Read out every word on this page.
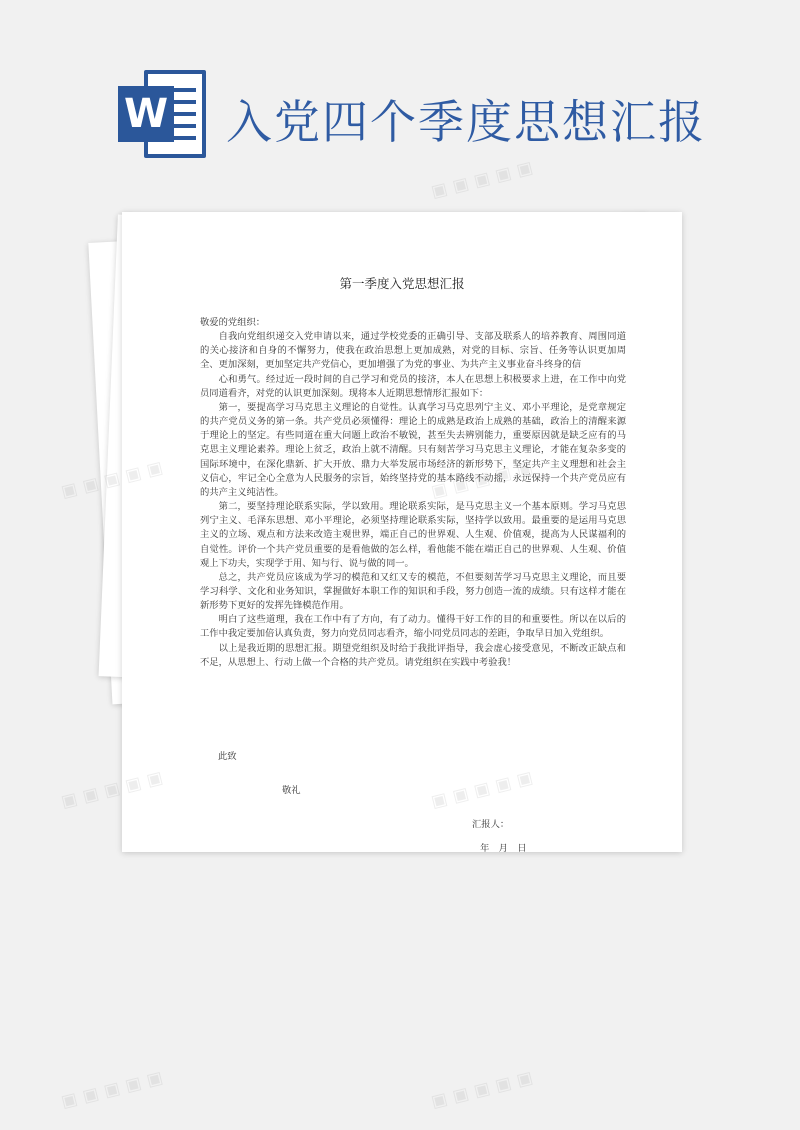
W 入党四个季度思想汇报
第一季度入党思想汇报

敬爱的党组织：

自我向党组织递交入党申请以来，通过学校党委的正确引导、支部及联系人的培养教育、周围同道的关心接济和自身的不懈努力，使我在政治思想上更加成熟，对党的目标、宗旨、任务等认识更加周全、更加深刻，更加坚定共产党信心，更加增强了为党的事业、为共产主义事业奋斗终身的信

心和勇气。经过近一段时间的自己学习和党员的接济，本人在思想上积极要求上进，在工作中向党员同道看齐，对党的认识更加深刻。现将本人近期思想情形汇报如下：

第一，要提高学习马克思主义理论的自觉性。认真学习马克思列宁主义、邓小平理论，是党章规定的共产党员义务的第一条。共产党员必须懂得：理论上的成熟是政治上成熟的基础，政治上的清醒来源于理论上的坚定。有些同道在重大问题上政治不敏锐，甚至失去辨别能力，重要原因就是缺乏应有的马克思主义理论素养。理论上贫乏，政治上就不清醒。只有刻苦学习马克思主义理论，才能在复杂多变的国际环境中，在深化鼎新、扩大开放、鼎力大举发展市场经济的新形势下，坚定共产主义理想和社会主义信心，牢记全心全意为人民服务的宗旨，始终坚持党的基本路线不动摇，永远保持一个共产党员应有的共产主义纯洁性。

第二，要坚持理论联系实际，学以致用。理论联系实际，是马克思主义一个基本原则。学习马克思列宁主义、毛泽东思想、邓小平理论，必须坚持理论联系实际，坚持学以致用。最重要的是运用马克思主义的立场、观点和方法来改造主观世界，端正自己的世界观、人生观、价值观，提高为人民谋福利的自觉性。评价一个共产党员重要的是看他做的怎么样，看他能不能在端正自己的世界观、人生观、价值观上下功夫，实现学于用、知与行、说与做的同一。

总之，共产党员应该成为学习的模范和又红又专的模范，不但要刻苦学习马克思主义理论，而且要学习科学、文化和业务知识，掌握做好本职工作的知识和手段，努力创造一流的成绩。只有这样才能在新形势下更好的发挥先锋模范作用。

明白了这些道理，我在工作中有了方向，有了动力。懂得干好工作的目的和重要性。所以在以后的工作中我定要加倍认真负责，努力向党员同志看齐，缩小同党员同志的差距，争取早日加入党组织。

以上是我近期的思想汇报。期望党组织及时给于我批评指导，我会虚心接受意见，不断改正缺点和不足，从思想上、行动上做一个合格的共产党员。请党组织在实践中考验我！

此致
敬礼
汇报人：
年　月　日
▣ ▣ ▣ ▣ ▣
▣ ▣
▣ ▣ ▣ ▣ ▣
▣ ▣ ▣ ▣ ▣	▣ ▣ ▣ ▣ ▣
